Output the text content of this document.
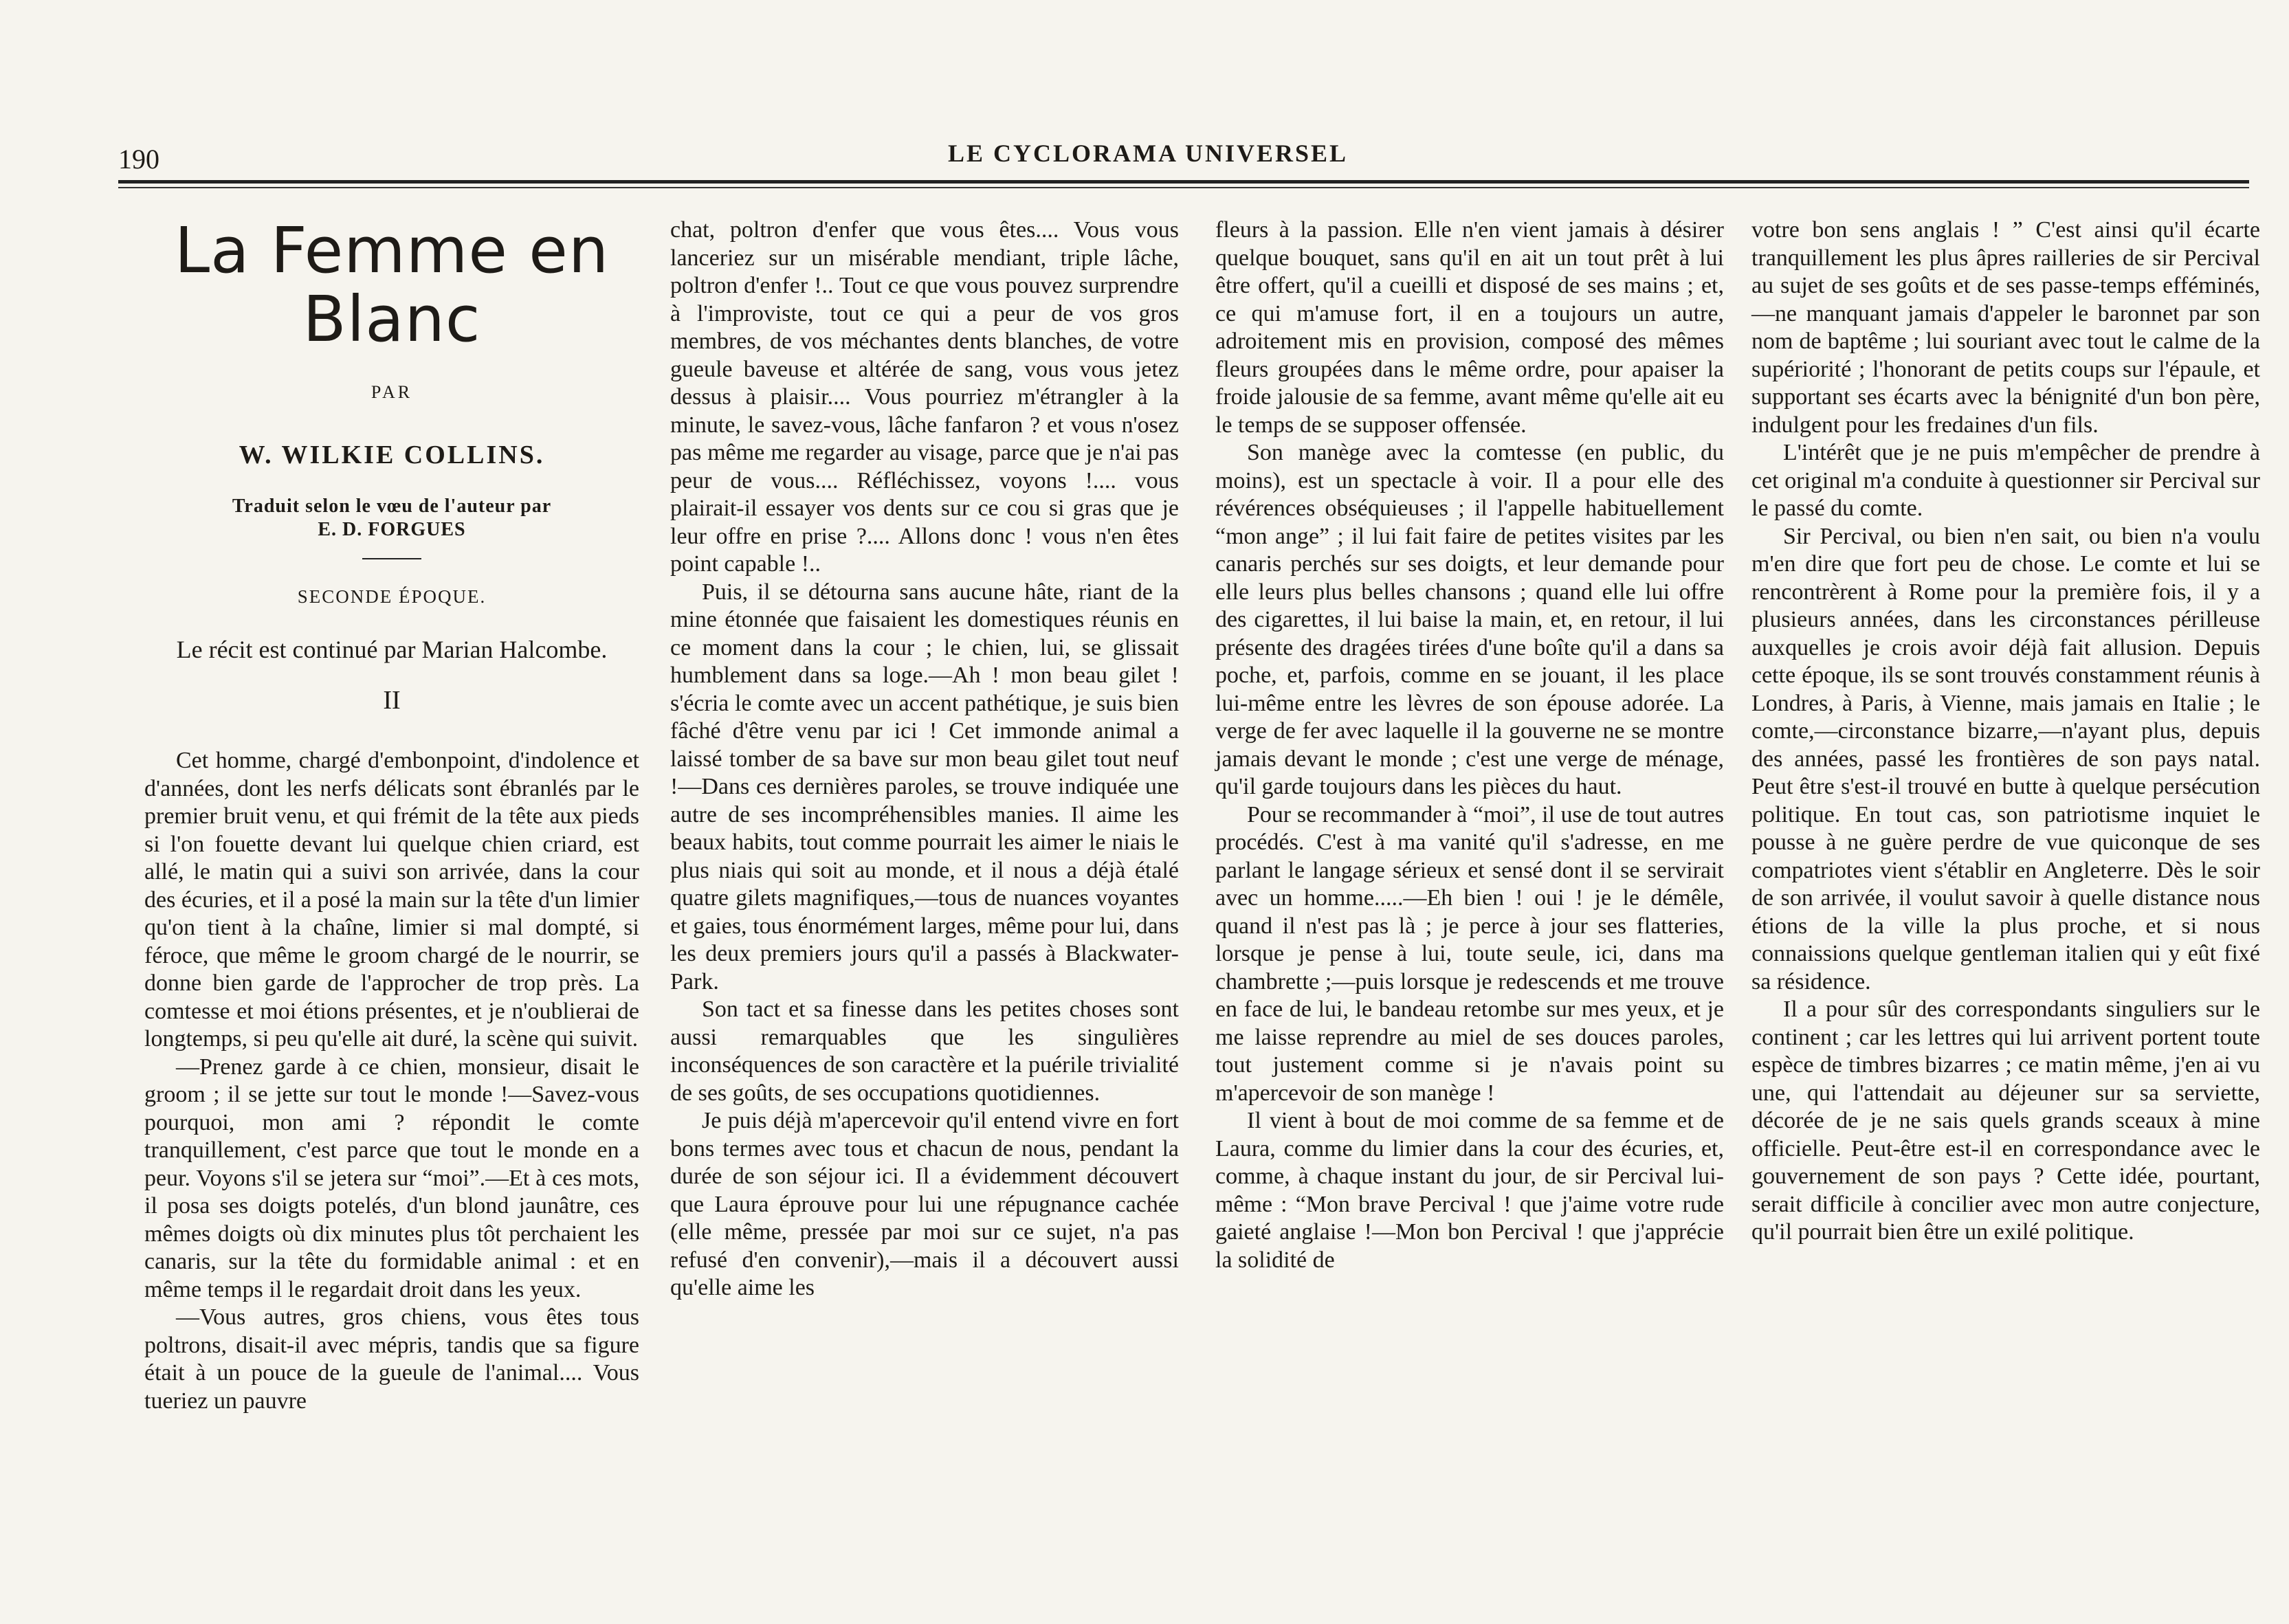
190	LE CYCLORAMA UNIVERSEL
La Femme en Blanc
PAR
W. WILKIE COLLINS.
Traduit selon le vœu de l'auteur par
E. D. FORGUES
SECONDE ÉPOQUE.
Le récit est continué par Marian Halcombe.
II

Cet homme, chargé d'embonpoint, d'indolence et d'années, dont les nerfs délicats sont ébranlés par le premier bruit venu, et qui frémit de la tête aux pieds si l'on fouette devant lui quelque chien criard, est allé, le matin qui a suivi son arrivée, dans la cour des écuries, et il a posé la main sur la tête d'un limier qu'on tient à la chaîne, limier si mal dompté, si féroce, que même le groom chargé de le nourrir, se donne bien garde de l'approcher de trop près. La comtesse et moi étions présentes, et je n'oublierai de longtemps, si peu qu'elle ait duré, la scène qui suivit.

—Prenez garde à ce chien, monsieur, disait le groom ; il se jette sur tout le monde !—Savez-vous pourquoi, mon ami ? répondit le comte tranquillement, c'est parce que tout le monde en a peur. Voyons s'il se jetera sur “moi”.—Et à ces mots, il posa ses doigts potelés, d'un blond jaunâtre, ces mêmes doigts où dix minutes plus tôt perchaient les canaris, sur la tête du formidable animal : et en même temps il le regardait droit dans les yeux.

—Vous autres, gros chiens, vous êtes tous poltrons, disait-il avec mépris, tandis que sa figure était à un pouce de la gueule de l'animal.... Vous tueriez un pauvre

chat, poltron d'enfer que vous êtes.... Vous vous lanceriez sur un misérable mendiant, triple lâche, poltron d'enfer !.. Tout ce que vous pouvez surprendre à l'improviste, tout ce qui a peur de vos gros membres, de vos méchantes dents blanches, de votre gueule baveuse et altérée de sang, vous vous jetez dessus à plaisir.... Vous pourriez m'étrangler à la minute, le savez-vous, lâche fanfaron ? et vous n'osez pas même me regarder au visage, parce que je n'ai pas peur de vous.... Réfléchissez, voyons !.... vous plairait-il essayer vos dents sur ce cou si gras que je leur offre en prise ?.... Allons donc ! vous n'en êtes point capable !..

Puis, il se détourna sans aucune hâte, riant de la mine étonnée que faisaient les domestiques réunis en ce moment dans la cour ; le chien, lui, se glissait humblement dans sa loge.—Ah ! mon beau gilet ! s'écria le comte avec un accent pathétique, je suis bien fâché d'être venu par ici ! Cet immonde animal a laissé tomber de sa bave sur mon beau gilet tout neuf !—Dans ces dernières paroles, se trouve indiquée une autre de ses incompréhensibles manies. Il aime les beaux habits, tout comme pourrait les aimer le niais le plus niais qui soit au monde, et il nous a déjà étalé quatre gilets magnifiques,—tous de nuances voyantes et gaies, tous énormément larges, même pour lui, dans les deux premiers jours qu'il a passés à Blackwater-Park.

Son tact et sa finesse dans les petites choses sont aussi remarquables que les singulières inconséquences de son caractère et la puérile trivialité de ses goûts, de ses occupations quotidiennes.

Je puis déjà m'apercevoir qu'il entend vivre en fort bons termes avec tous et chacun de nous, pendant la durée de son séjour ici. Il a évidemment découvert que Laura éprouve pour lui une répugnance cachée (elle même, pressée par moi sur ce sujet, n'a pas refusé d'en convenir),—mais il a découvert aussi qu'elle aime les

fleurs à la passion. Elle n'en vient jamais à désirer quelque bouquet, sans qu'il en ait un tout prêt à lui être offert, qu'il a cueilli et disposé de ses mains ; et, ce qui m'amuse fort, il en a toujours un autre, adroitement mis en provision, composé des mêmes fleurs groupées dans le même ordre, pour apaiser la froide jalousie de sa femme, avant même qu'elle ait eu le temps de se supposer offensée.

Son manège avec la comtesse (en public, du moins), est un spectacle à voir. Il a pour elle des révérences obséquieuses ; il l'appelle habituellement “mon ange” ; il lui fait faire de petites visites par les canaris perchés sur ses doigts, et leur demande pour elle leurs plus belles chansons ; quand elle lui offre des cigarettes, il lui baise la main, et, en retour, il lui présente des dragées tirées d'une boîte qu'il a dans sa poche, et, parfois, comme en se jouant, il les place lui-même entre les lèvres de son épouse adorée. La verge de fer avec laquelle il la gouverne ne se montre jamais devant le monde ; c'est une verge de ménage, qu'il garde toujours dans les pièces du haut.

Pour se recommander à “moi”, il use de tout autres procédés. C'est à ma vanité qu'il s'adresse, en me parlant le langage sérieux et sensé dont il se servirait avec un homme.....—Eh bien ! oui ! je le démêle, quand il n'est pas là ; je perce à jour ses flatteries, lorsque je pense à lui, toute seule, ici, dans ma chambrette ;—puis lorsque je redescends et me trouve en face de lui, le bandeau retombe sur mes yeux, et je me laisse reprendre au miel de ses douces paroles, tout justement comme si je n'avais point su m'apercevoir de son manège !

Il vient à bout de moi comme de sa femme et de Laura, comme du limier dans la cour des écuries, et, comme, à chaque instant du jour, de sir Percival lui-même : “Mon brave Percival ! que j'aime votre rude gaieté anglaise !—Mon bon Percival ! que j'apprécie la solidité de

votre bon sens anglais ! ” C'est ainsi qu'il écarte tranquillement les plus âpres railleries de sir Percival au sujet de ses goûts et de ses passe-temps efféminés,—ne manquant jamais d'appeler le baronnet par son nom de baptême ; lui souriant avec tout le calme de la supériorité ; l'honorant de petits coups sur l'épaule, et supportant ses écarts avec la bénignité d'un bon père, indulgent pour les fredaines d'un fils.

L'intérêt que je ne puis m'empêcher de prendre à cet original m'a conduite à questionner sir Percival sur le passé du comte.

Sir Percival, ou bien n'en sait, ou bien n'a voulu m'en dire que fort peu de chose. Le comte et lui se rencontrèrent à Rome pour la première fois, il y a plusieurs années, dans les circonstances périlleuse auxquelles je crois avoir déjà fait allusion. Depuis cette époque, ils se sont trouvés constamment réunis à Londres, à Paris, à Vienne, mais jamais en Italie ; le comte,—circonstance bizarre,—n'ayant plus, depuis des années, passé les frontières de son pays natal. Peut être s'est-il trouvé en butte à quelque persécution politique. En tout cas, son patriotisme inquiet le pousse à ne guère perdre de vue quiconque de ses compatriotes vient s'établir en Angleterre. Dès le soir de son arrivée, il voulut savoir à quelle distance nous étions de la ville la plus proche, et si nous connaissions quelque gentleman italien qui y eût fixé sa résidence.

Il a pour sûr des correspondants singuliers sur le continent ; car les lettres qui lui arrivent portent toute espèce de timbres bizarres ; ce matin même, j'en ai vu une, qui l'attendait au déjeuner sur sa serviette, décorée de je ne sais quels grands sceaux à mine officielle. Peut-être est-il en correspondance avec le gouvernement de son pays ? Cette idée, pourtant, serait difficile à concilier avec mon autre conjecture, qu'il pourrait bien être un exilé politique.
